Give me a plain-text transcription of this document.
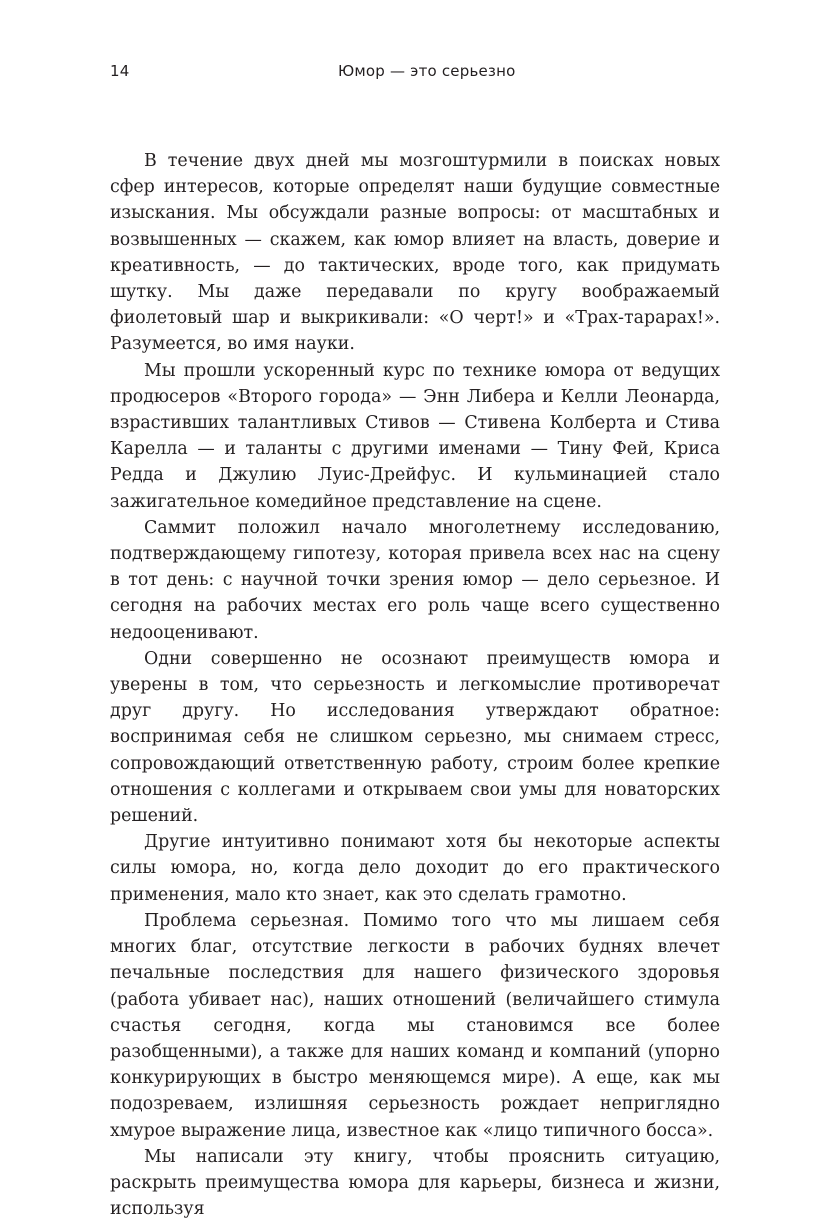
14	Юмор — это серьезно

В течение двух дней мы мозгоштурмили в поисках новых сфер интересов, которые определят наши будущие совместные изыскания. Мы обсуждали разные вопросы: от масштабных и возвышенных — скажем, как юмор влияет на власть, доверие и креативность, — до тактических, вроде того, как придумать шутку. Мы даже передавали по кругу воображаемый фиолетовый шар и выкрикивали: «О черт!» и «Трах-тарарах!». Разумеется, во имя науки.

Мы прошли ускоренный курс по технике юмора от ведущих продюсеров «Второго города» — Энн Либера и Келли Леонарда, взрастивших талантливых Стивов — Стивена Колберта и Стива Карелла — и таланты с другими именами — Тину Фей, Криса Редда и Джулию Луис-Дрейфус. И кульминацией стало зажигательное комедийное представление на сцене.

Саммит положил начало многолетнему исследованию, подтверждающему гипотезу, которая привела всех нас на сцену в тот день: с научной точки зрения юмор — дело серьезное. И сегодня на рабочих местах его роль чаще всего существенно недооценивают.

Одни совершенно не осознают преимуществ юмора и уверены в том, что серьезность и легкомыслие противоречат друг другу. Но исследования утверждают обратное: воспринимая себя не слишком серьезно, мы снимаем стресс, сопровождающий ответственную работу, строим более крепкие отношения с коллегами и открываем свои умы для новаторских решений.

Другие интуитивно понимают хотя бы некоторые аспекты силы юмора, но, когда дело доходит до его практического применения, мало кто знает, как это сделать грамотно.

Проблема серьезная. Помимо того что мы лишаем себя многих благ, отсутствие легкости в рабочих буднях влечет печальные последствия для нашего физического здоровья (работа убивает нас), наших отношений (величайшего стимула счастья сегодня, когда мы становимся все более разобщенными), а также для наших команд и компаний (упорно конкурирующих в быстро меняющемся мире). А еще, как мы подозреваем, излишняя серьезность рождает неприглядно хмурое выражение лица, известное как «лицо типичного босса».

Мы написали эту книгу, чтобы прояснить ситуацию, раскрыть преимущества юмора для карьеры, бизнеса и жизни, используя
